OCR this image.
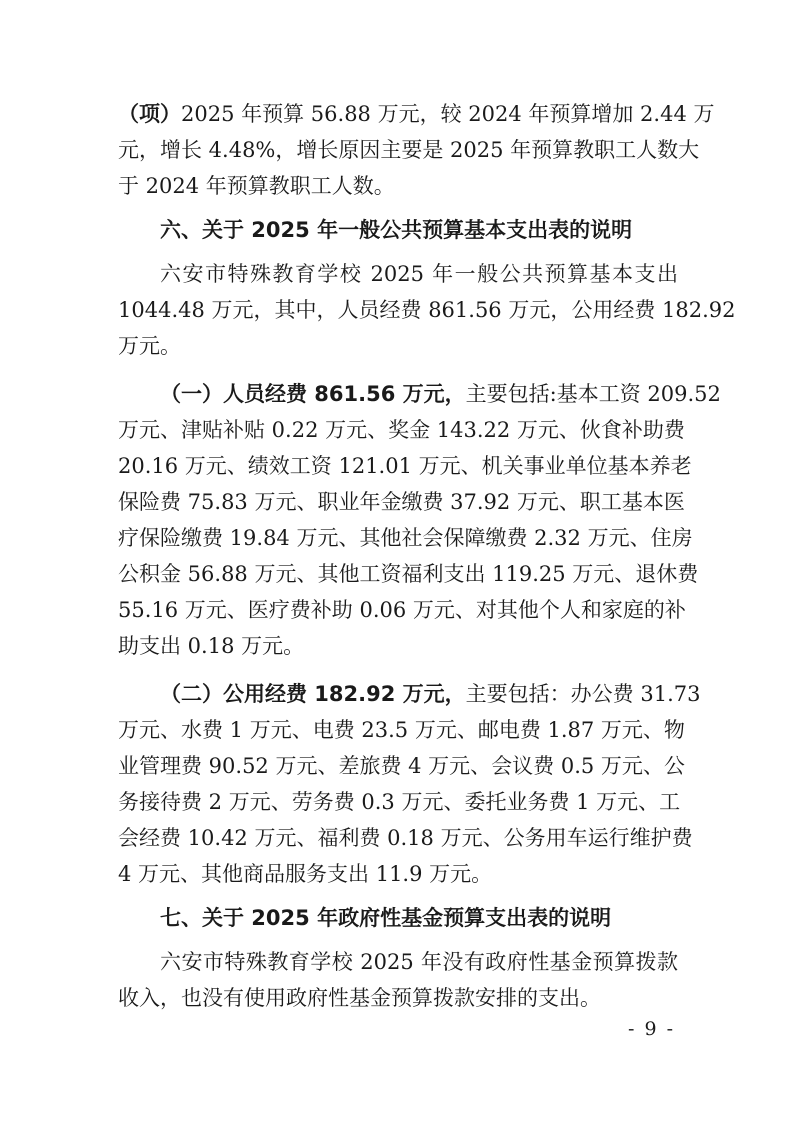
（项）2025 年预算 56.88 万元，较 2024 年预算增加 2.44 万
元，增长 4.48%，增长原因主要是 2025 年预算教职工人数大
于 2024 年预算教职工人数。
六、关于 2025 年一般公共预算基本支出表的说明
六安市特殊教育学校 2025 年一般公共预算基本支出
1044.48 万元，其中，人员经费 861.56 万元，公用经费 182.92
万元。
（一）人员经费 861.56 万元，主要包括:基本工资 209.52
万元、津贴补贴 0.22 万元、奖金 143.22 万元、伙食补助费
20.16 万元、绩效工资 121.01 万元、机关事业单位基本养老
保险费 75.83 万元、职业年金缴费 37.92 万元、职工基本医
疗保险缴费 19.84 万元、其他社会保障缴费 2.32 万元、住房
公积金 56.88 万元、其他工资福利支出 119.25 万元、退休费
55.16 万元、医疗费补助 0.06 万元、对其他个人和家庭的补
助支出 0.18 万元。
（二）公用经费 182.92 万元，主要包括：办公费 31.73
万元、水费 1 万元、电费 23.5 万元、邮电费 1.87 万元、物
业管理费 90.52 万元、差旅费 4 万元、会议费 0.5 万元、公
务接待费 2 万元、劳务费 0.3 万元、委托业务费 1 万元、工
会经费 10.42 万元、福利费 0.18 万元、公务用车运行维护费
4 万元、其他商品服务支出 11.9 万元。
七、关于 2025 年政府性基金预算支出表的说明
六安市特殊教育学校 2025 年没有政府性基金预算拨款
收入，也没有使用政府性基金预算拨款安排的支出。
- 9 -
